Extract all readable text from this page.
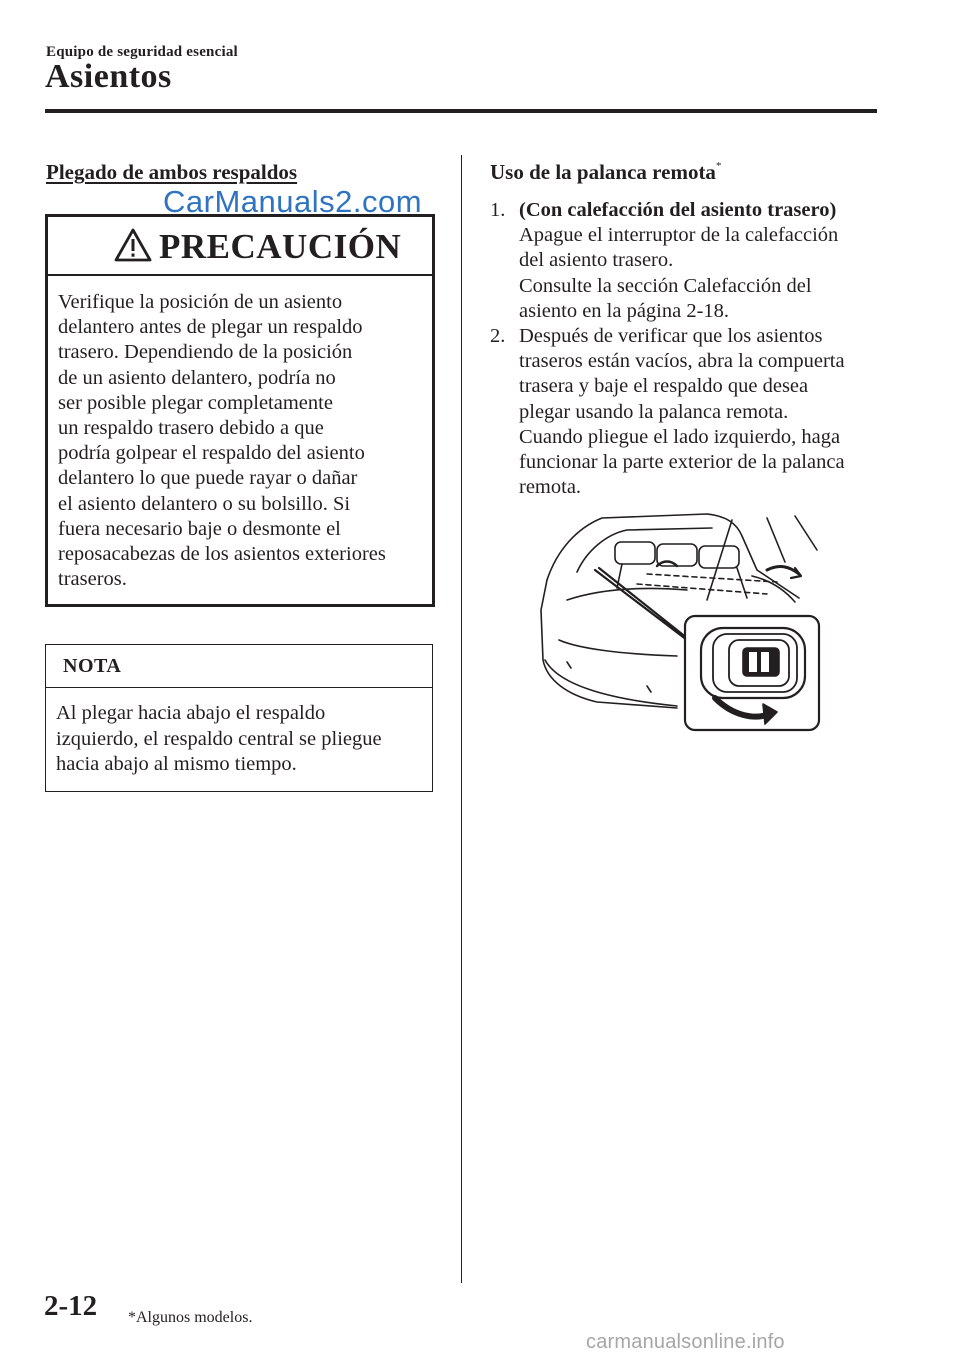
Equipo de seguridad esencial
Asientos
Plegado de ambos respaldos
CarManuals2.com
PRECAUCIÓN
Verifique la posición de un asiento
delantero antes de plegar un respaldo
trasero. Dependiendo de la posición
de un asiento delantero, podría no
ser posible plegar completamente
un respaldo trasero debido a que
podría golpear el respaldo del asiento
delantero lo que puede rayar o dañar
el asiento delantero o su bolsillo. Si
fuera necesario baje o desmonte el
reposacabezas de los asientos exteriores
traseros.
NOTA
Al plegar hacia abajo el respaldo
izquierdo, el respaldo central se pliegue
hacia abajo al mismo tiempo.
Uso de la palanca remota*
1. (Con calefacción del asiento trasero)
Apague el interruptor de la calefacción
del asiento trasero.
Consulte la sección Calefacción del
asiento en la página 2-18.
2. Después de verificar que los asientos
traseros están vacíos, abra la compuerta
trasera y baje el respaldo que desea
plegar usando la palanca remota.
Cuando pliegue el lado izquierdo, haga
funcionar la parte exterior de la palanca
remota.
2-12 *Algunos modelos.
carmanualsonline.info
